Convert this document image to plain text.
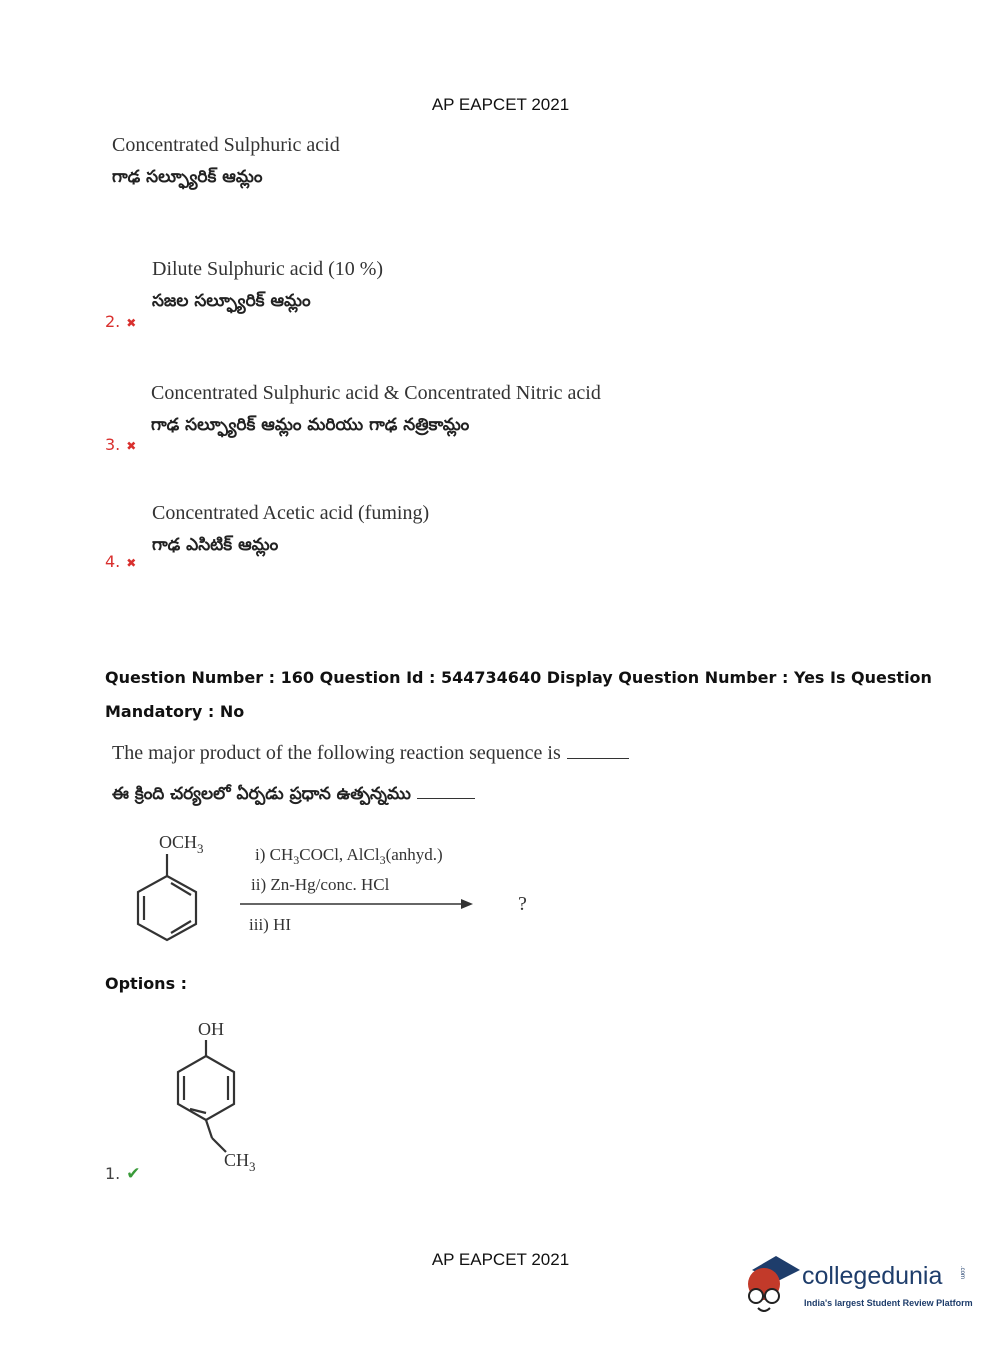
AP EAPCET 2021
Concentrated Sulphuric acid
గాఢ సల్ఫ్యూరిక్ ఆమ్లం
Dilute Sulphuric acid (10 %)
సజల సల్ఫ్యూరిక్ ఆమ్లం
2. ✖
Concentrated Sulphuric acid & Concentrated Nitric acid
గాఢ సల్ఫ్యూరిక్ ఆమ్లం మరియు గాఢ నత్రికామ్లం
3. ✖
Concentrated Acetic acid (fuming)
గాఢ ఎసిటిక్ ఆమ్లం
4. ✖
Question Number : 160 Question Id : 544734640 Display Question Number : Yes Is Question
Mandatory : No
The major product of the following reaction sequence is
ఈ క్రింది చర్యలలో ఏర్పడు ప్రధాన ఉత్పన్నము
$OCH_3$	i) $CH_3COCl$, AlCl$_3$(anhyd.)
ii) Zn-Hg/conc. HCl
iii) HI
?
Options :
OH
$CH_3$
1. ✔
AP EAPCET 2021
collegedunia	.com
India's largest Student Review Platform
